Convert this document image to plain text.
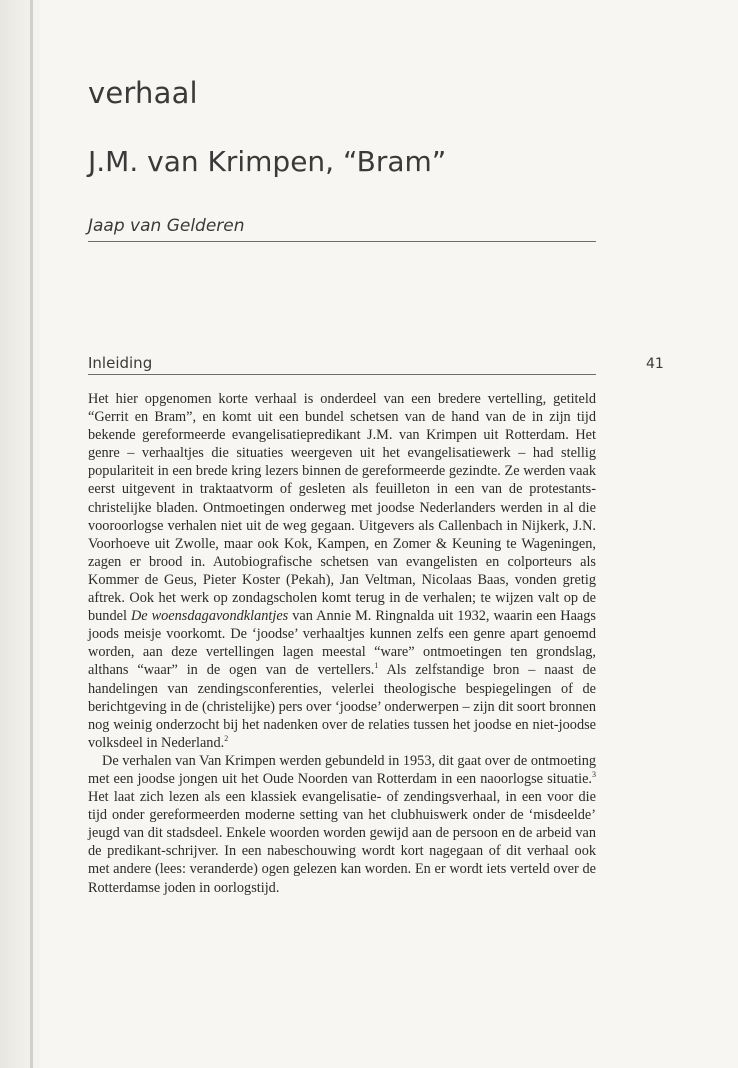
verhaal
J.M. van Krimpen, “Bram”

Jaap van Gelderen

Inleiding	41

Het hier opgenomen korte verhaal is onderdeel van een bredere vertelling, getiteld “Gerrit en Bram”, en komt uit een bundel schetsen van de hand van de in zijn tijd bekende gereformeerde evangelisatiepredikant J.M. van Krimpen uit Rotterdam. Het genre – verhaaltjes die situaties weergeven uit het evangelisatiewerk – had stellig populariteit in een brede kring lezers binnen de gereformeerde gezindte. Ze werden vaak eerst uitgevent in traktaatvorm of gesleten als feuilleton in een van de protestants-christelijke bladen. Ontmoetingen onderweg met joodse Nederlanders werden in al die vooroorlogse verhalen niet uit de weg gegaan. Uitgevers als Callenbach in Nijkerk, J.N. Voorhoeve uit Zwolle, maar ook Kok, Kampen, en Zomer & Keuning te Wageningen, zagen er brood in. Autobiografische schetsen van evangelisten en colporteurs als Kommer de Geus, Pieter Koster (Pekah), Jan Veltman, Nicolaas Baas, vonden gretig aftrek. Ook het werk op zondagscholen komt terug in de verhalen; te wijzen valt op de bundel De woensdagavondklantjes van Annie M. Ringnalda uit 1932, waarin een Haags joods meisje voorkomt. De ‘joodse’ verhaaltjes kunnen zelfs een genre apart genoemd worden, aan deze vertellingen lagen meestal “ware” ontmoetingen ten grondslag, althans “waar” in de ogen van de vertellers.$^1$ Als zelfstandige bron – naast de handelingen van zendingsconferenties, velerlei theologische bespiegelingen of de berichtgeving in de (christelijke) pers over ‘joodse’ onderwerpen – zijn dit soort bronnen nog weinig onderzocht bij het nadenken over de relaties tussen het joodse en niet-joodse volksdeel in Nederland.$^2$

De verhalen van Van Krimpen werden gebundeld in 1953, dit gaat over de ontmoeting met een joodse jongen uit het Oude Noorden van Rotterdam in een naoorlogse situatie.$^3$ Het laat zich lezen als een klassiek evangelisatie- of zendingsverhaal, in een voor die tijd onder gereformeerden moderne setting van het clubhuiswerk onder de ‘misdeelde’ jeugd van dit stadsdeel. Enkele woorden worden gewijd aan de persoon en de arbeid van de predikant-schrijver. In een nabeschouwing wordt kort nagegaan of dit verhaal ook met andere (lees: veranderde) ogen gelezen kan worden. En er wordt iets verteld over de Rotterdamse joden in oorlogstijd.
